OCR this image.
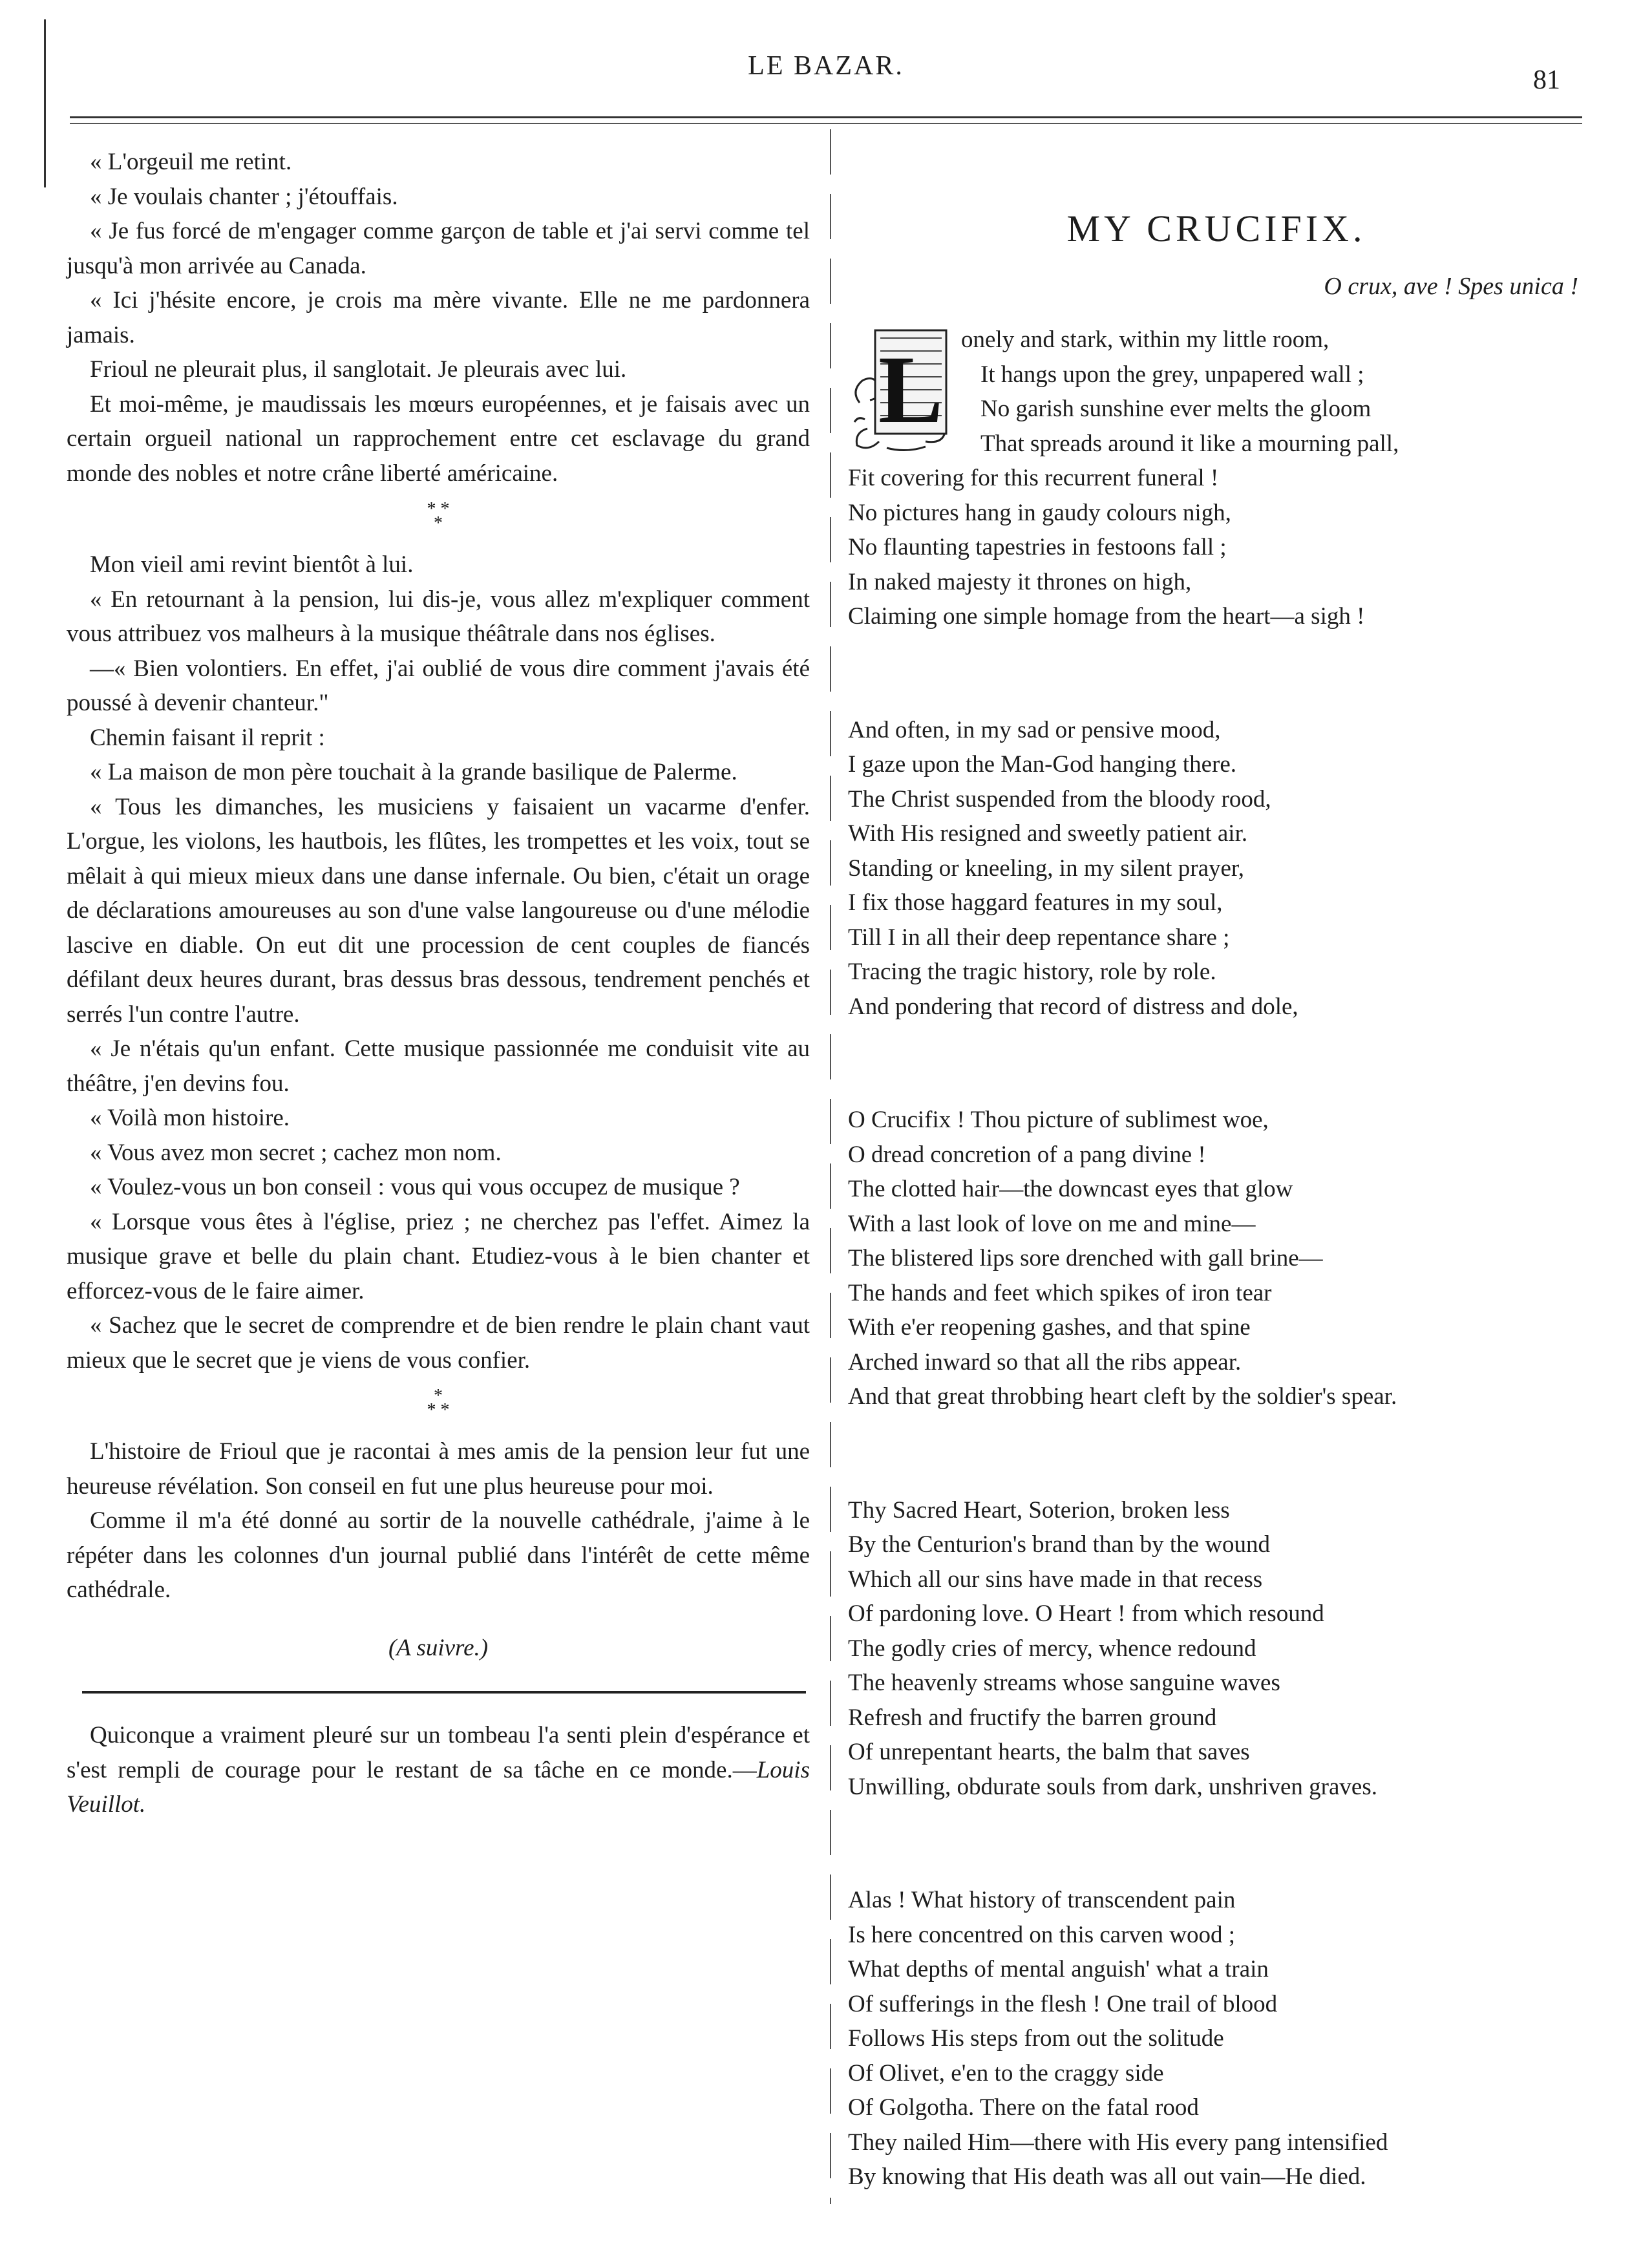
LE BAZAR.	81

« L'orgeuil me retint.

« Je voulais chanter ; j'étouffais.

« Je fus forcé de m'engager comme garçon de table et j'ai servi comme tel jusqu'à mon arrivée au Canada.

« Ici j'hésite encore, je crois ma mère vivante. Elle ne me pardonnera jamais.

Frioul ne pleurait plus, il sanglotait. Je pleurais avec lui.

Et moi-même, je maudissais les mœurs européennes, et je faisais avec un certain orgueil national un rapprochement entre cet esclavage du grand monde des nobles et notre crâne liberté américaine.

* *
*

Mon vieil ami revint bientôt à lui.

« En retournant à la pension, lui dis-je, vous allez m'expliquer comment vous attribuez vos malheurs à la musique théâtrale dans nos églises.

—« Bien volontiers. En effet, j'ai oublié de vous dire comment j'avais été poussé à devenir chanteur."

Chemin faisant il reprit :

« La maison de mon père touchait à la grande basilique de Palerme.

« Tous les dimanches, les musiciens y faisaient un vacarme d'enfer. L'orgue, les violons, les hautbois, les flûtes, les trompettes et les voix, tout se mêlait à qui mieux mieux dans une danse infernale. Ou bien, c'était un orage de déclarations amoureuses au son d'une valse langoureuse ou d'une mélodie lascive en diable. On eut dit une procession de cent couples de fiancés défilant deux heures durant, bras dessus bras dessous, tendrement penchés et serrés l'un contre l'autre.

« Je n'étais qu'un enfant. Cette musique passionnée me conduisit vite au théâtre, j'en devins fou.

« Voilà mon histoire.

« Vous avez mon secret ; cachez mon nom.

« Voulez-vous un bon conseil : vous qui vous occupez de musique ?

« Lorsque vous êtes à l'église, priez ; ne cherchez pas l'effet. Aimez la musique grave et belle du plain chant. Etudiez-vous à le bien chanter et efforcez-vous de le faire aimer.

« Sachez que le secret de comprendre et de bien rendre le plain chant vaut mieux que le secret que je viens de vous confier.

*
* *

L'histoire de Frioul que je racontai à mes amis de la pension leur fut une heureuse révélation. Son conseil en fut une plus heureuse pour moi.

Comme il m'a été donné au sortir de la nouvelle cathédrale, j'aime à le répéter dans les colonnes d'un journal publié dans l'intérêt de cette même cathédrale.

(A suivre.)

Quiconque a vraiment pleuré sur un tombeau l'a senti plein d'espérance et s'est rempli de courage pour le restant de sa tâche en ce monde.—Louis Veuillot.

MY CRUCIFIX.
O crux, ave ! Spes unica !
L onely and stark, within my little room,
It hangs upon the grey, unpapered wall ;
No garish sunshine ever melts the gloom
That spreads around it like a mourning pall,
Fit covering for this recurrent funeral !
No pictures hang in gaudy colours nigh,
No flaunting tapestries in festoons fall ;
In naked majesty it thrones on high,
Claiming one simple homage from the heart—a sigh !
And often, in my sad or pensive mood,
I gaze upon the Man-God hanging there.
The Christ suspended from the bloody rood,
With His resigned and sweetly patient air.
Standing or kneeling, in my silent prayer,
I fix those haggard features in my soul,
Till I in all their deep repentance share ;
Tracing the tragic history, role by role.
And pondering that record of distress and dole,
O Crucifix ! Thou picture of sublimest woe,
O dread concretion of a pang divine !
The clotted hair—the downcast eyes that glow
With a last look of love on me and mine—
The blistered lips sore drenched with gall brine—
The hands and feet which spikes of iron tear
With e'er reopening gashes, and that spine
Arched inward so that all the ribs appear.
And that great throbbing heart cleft by the soldier's spear.
Thy Sacred Heart, Soterion, broken less
By the Centurion's brand than by the wound
Which all our sins have made in that recess
Of pardoning love. O Heart ! from which resound
The godly cries of mercy, whence redound
The heavenly streams whose sanguine waves
Refresh and fructify the barren ground
Of unrepentant hearts, the balm that saves
Unwilling, obdurate souls from dark, unshriven graves.
Alas ! What history of transcendent pain
Is here concentred on this carven wood ;
What depths of mental anguish' what a train
Of sufferings in the flesh ! One trail of blood
Follows His steps from out the solitude
Of Olivet, e'en to the craggy side
Of Golgotha. There on the fatal rood
They nailed Him—there with His every pang intensified
By knowing that His death was all out vain—He died.
